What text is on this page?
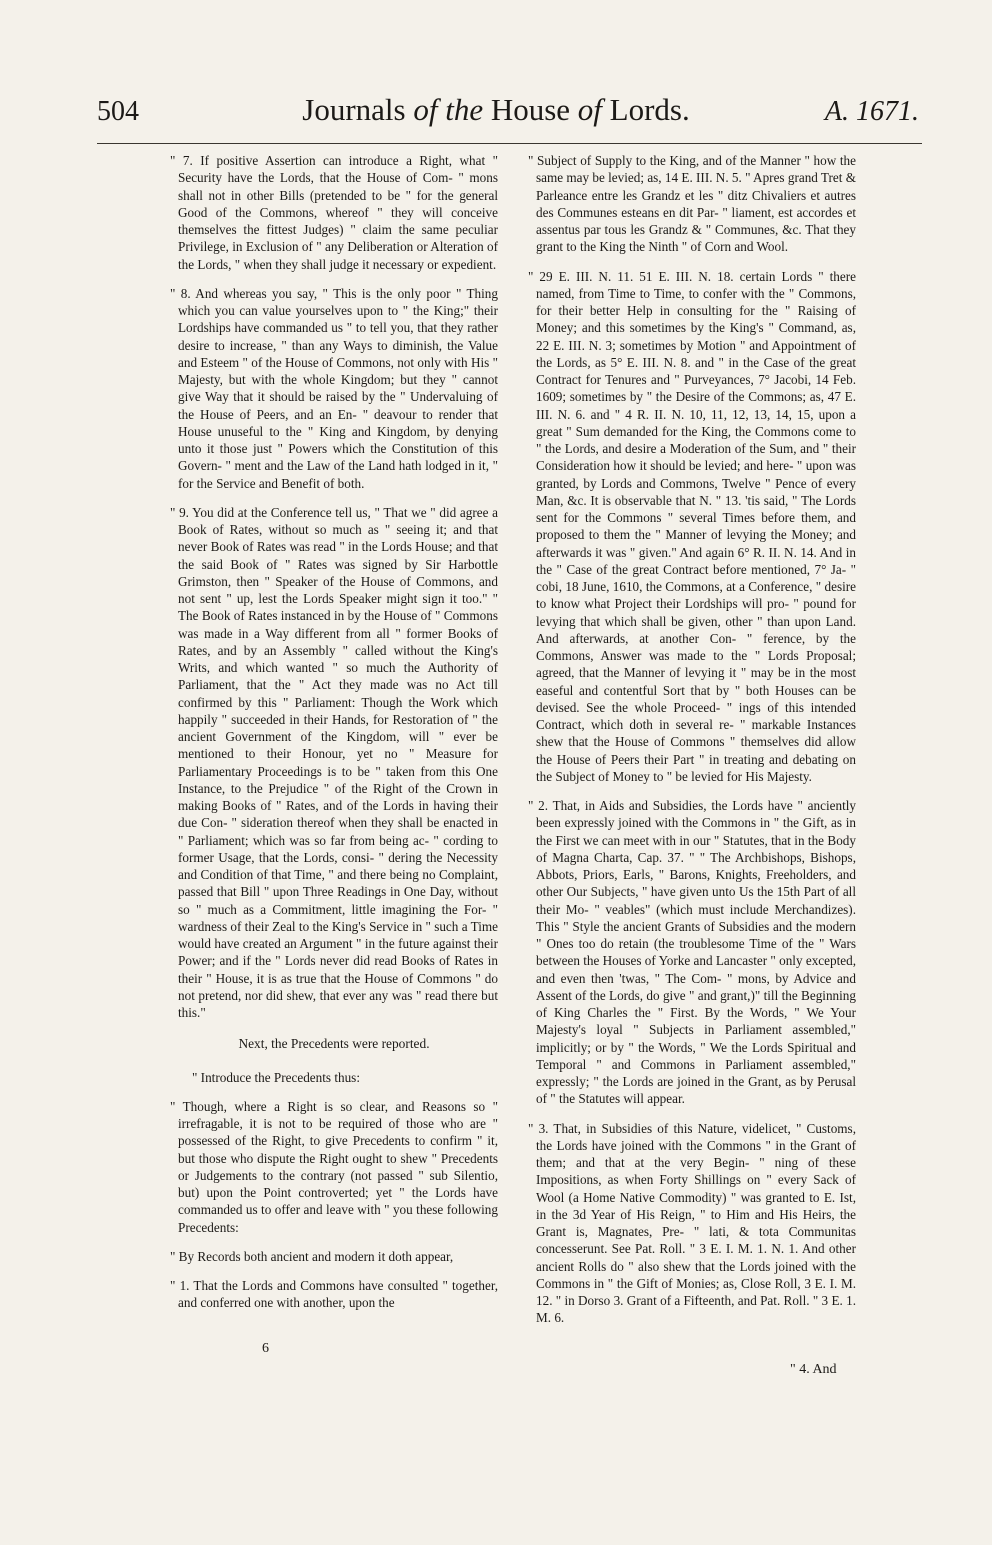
504	Journals of the House of Lords.	A. 1671.

" 7. If positive Assertion can introduce a Right, what " Security have the Lords, that the House of Com- " mons shall not in other Bills (pretended to be " for the general Good of the Commons, whereof " they will conceive themselves the fittest Judges) " claim the same peculiar Privilege, in Exclusion of " any Deliberation or Alteration of the Lords, " when they shall judge it necessary or expedient.

" 8. And whereas you say, " This is the only poor " Thing which you can value yourselves upon to " the King;" their Lordships have commanded us " to tell you, that they rather desire to increase, " than any Ways to diminish, the Value and Esteem " of the House of Commons, not only with His " Majesty, but with the whole Kingdom; but they " cannot give Way that it should be raised by the " Undervaluing of the House of Peers, and an En- " deavour to render that House unuseful to the " King and Kingdom, by denying unto it those just " Powers which the Constitution of this Govern- " ment and the Law of the Land hath lodged in it, " for the Service and Benefit of both.

" 9. You did at the Conference tell us, " That we " did agree a Book of Rates, without so much as " seeing it; and that never Book of Rates was read " in the Lords House; and that the said Book of " Rates was signed by Sir Harbottle Grimston, then " Speaker of the House of Commons, and not sent " up, lest the Lords Speaker might sign it too." " The Book of Rates instanced in by the House of " Commons was made in a Way different from all " former Books of Rates, and by an Assembly " called without the King's Writs, and which wanted " so much the Authority of Parliament, that the " Act they made was no Act till confirmed by this " Parliament: Though the Work which happily " succeeded in their Hands, for Restoration of " the ancient Government of the Kingdom, will " ever be mentioned to their Honour, yet no " Measure for Parliamentary Proceedings is to be " taken from this One Instance, to the Prejudice " of the Right of the Crown in making Books of " Rates, and of the Lords in having their due Con- " sideration thereof when they shall be enacted in " Parliament; which was so far from being ac- " cording to former Usage, that the Lords, consi- " dering the Necessity and Condition of that Time, " and there being no Complaint, passed that Bill " upon Three Readings in One Day, without so " much as a Commitment, little imagining the For- " wardness of their Zeal to the King's Service in " such a Time would have created an Argument " in the future against their Power; and if the " Lords never did read Books of Rates in their " House, it is as true that the House of Commons " do not pretend, nor did shew, that ever any was " read there but this."

Next, the Precedents were reported.

" Introduce the Precedents thus:

" Though, where a Right is so clear, and Reasons so " irrefragable, it is not to be required of those who are " possessed of the Right, to give Precedents to confirm " it, but those who dispute the Right ought to shew " Precedents or Judgements to the contrary (not passed " sub Silentio, but) upon the Point controverted; yet " the Lords have commanded us to offer and leave with " you these following Precedents:

" By Records both ancient and modern it doth appear,

" 1. That the Lords and Commons have consulted " together, and conferred one with another, upon the

" Subject of Supply to the King, and of the Manner " how the same may be levied; as, 14 E. III. N. 5. " Apres grand Tret & Parleance entre les Grandz et les " ditz Chivaliers et autres des Communes esteans en dit Par- " liament, est accordes et assentus par tous les Grandz & " Communes, &c. That they grant to the King the Ninth " of Corn and Wool.

" 29 E. III. N. 11. 51 E. III. N. 18. certain Lords " there named, from Time to Time, to confer with the " Commons, for their better Help in consulting for the " Raising of Money; and this sometimes by the King's " Command, as, 22 E. III. N. 3; sometimes by Motion " and Appointment of the Lords, as 5° E. III. N. 8. and " in the Case of the great Contract for Tenures and " Purveyances, 7° Jacobi, 14 Feb. 1609; sometimes by " the Desire of the Commons; as, 47 E. III. N. 6. and " 4 R. II. N. 10, 11, 12, 13, 14, 15, upon a great " Sum demanded for the King, the Commons come to " the Lords, and desire a Moderation of the Sum, and " their Consideration how it should be levied; and here- " upon was granted, by Lords and Commons, Twelve " Pence of every Man, &c. It is observable that N. " 13. 'tis said, " The Lords sent for the Commons " several Times before them, and proposed to them the " Manner of levying the Money; and afterwards it was " given." And again 6° R. II. N. 14. And in the " Case of the great Contract before mentioned, 7° Ja- " cobi, 18 June, 1610, the Commons, at a Conference, " desire to know what Project their Lordships will pro- " pound for levying that which shall be given, other " than upon Land. And afterwards, at another Con- " ference, by the Commons, Answer was made to the " Lords Proposal; agreed, that the Manner of levying it " may be in the most easeful and contentful Sort that by " both Houses can be devised. See the whole Proceed- " ings of this intended Contract, which doth in several re- " markable Instances shew that the House of Commons " themselves did allow the House of Peers their Part " in treating and debating on the Subject of Money to " be levied for His Majesty.

" 2. That, in Aids and Subsidies, the Lords have " anciently been expressly joined with the Commons in " the Gift, as in the First we can meet with in our " Statutes, that in the Body of Magna Charta, Cap. 37. " " The Archbishops, Bishops, Abbots, Priors, Earls, " Barons, Knights, Freeholders, and other Our Subjects, " have given unto Us the 15th Part of all their Mo- " veables" (which must include Merchandizes). This " Style the ancient Grants of Subsidies and the modern " Ones too do retain (the troublesome Time of the " Wars between the Houses of Yorke and Lancaster " only excepted, and even then 'twas, " The Com- " mons, by Advice and Assent of the Lords, do give " and grant,)" till the Beginning of King Charles the " First. By the Words, " We Your Majesty's loyal " Subjects in Parliament assembled," implicitly; or by " the Words, " We the Lords Spiritual and Temporal " and Commons in Parliament assembled," expressly; " the Lords are joined in the Grant, as by Perusal of " the Statutes will appear.

" 3. That, in Subsidies of this Nature, videlicet, " Customs, the Lords have joined with the Commons " in the Grant of them; and that at the very Begin- " ning of these Impositions, as when Forty Shillings on " every Sack of Wool (a Home Native Commodity) " was granted to E. Ist, in the 3d Year of His Reign, " to Him and His Heirs, the Grant is, Magnates, Pre- " lati, & tota Communitas concesserunt. See Pat. Roll. " 3 E. I. M. 1. N. 1. And other ancient Rolls do " also shew that the Lords joined with the Commons in " the Gift of Monies; as, Close Roll, 3 E. I. M. 12. " in Dorso 3. Grant of a Fifteenth, and Pat. Roll. " 3 E. 1. M. 6.

6
" 4. And
